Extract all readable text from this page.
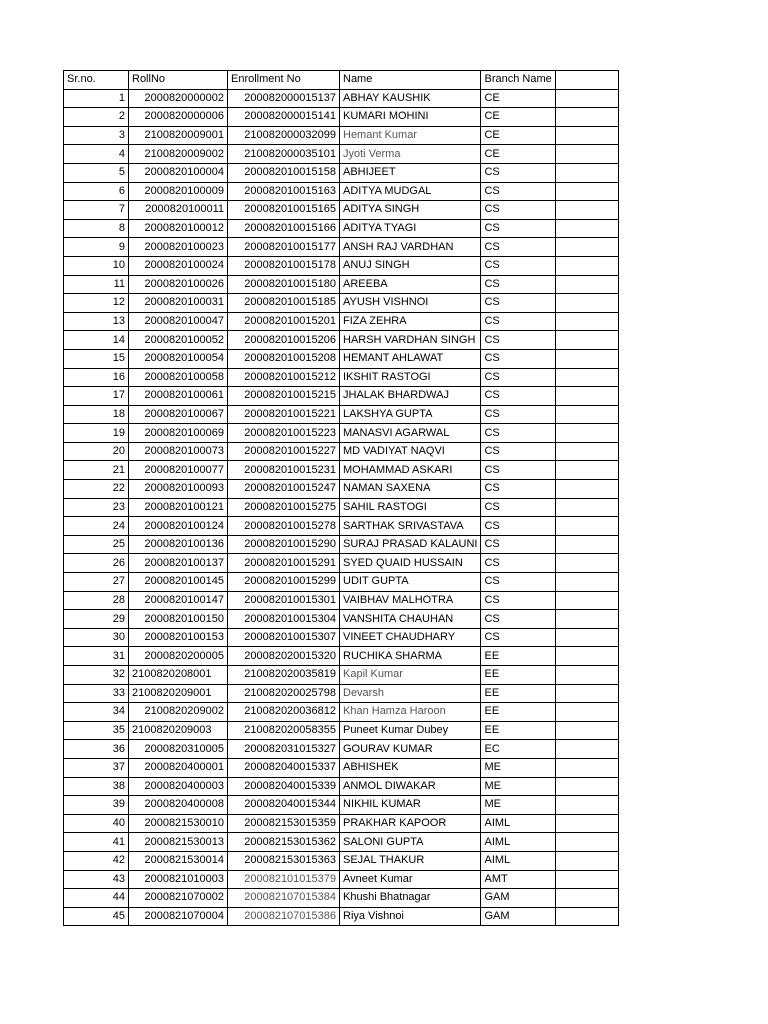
Sr.no.	RollNo	Enrollment No	Name	Branch Name	
1	2000820000002	200082000015137	ABHAY KAUSHIK	CE	
2	2000820000006	200082000015141	KUMARI MOHINI	CE	
3	2100820009001	210082000032099	Hemant Kumar	CE	
4	2100820009002	210082000035101	Jyoti Verma	CE	
5	2000820100004	200082010015158	ABHIJEET	CS	
6	2000820100009	200082010015163	ADITYA MUDGAL	CS	
7	2000820100011	200082010015165	ADITYA SINGH	CS	
8	2000820100012	200082010015166	ADITYA TYAGI	CS	
9	2000820100023	200082010015177	ANSH RAJ VARDHAN	CS	
10	2000820100024	200082010015178	ANUJ SINGH	CS	
11	2000820100026	200082010015180	AREEBA	CS	
12	2000820100031	200082010015185	AYUSH VISHNOI	CS	
13	2000820100047	200082010015201	FIZA ZEHRA	CS	
14	2000820100052	200082010015206	HARSH VARDHAN SINGH	CS	
15	2000820100054	200082010015208	HEMANT AHLAWAT	CS	
16	2000820100058	200082010015212	IKSHIT RASTOGI	CS	
17	2000820100061	200082010015215	JHALAK BHARDWAJ	CS	
18	2000820100067	200082010015221	LAKSHYA GUPTA	CS	
19	2000820100069	200082010015223	MANASVI AGARWAL	CS	
20	2000820100073	200082010015227	MD VADIYAT NAQVI	CS	
21	2000820100077	200082010015231	MOHAMMAD ASKARI	CS	
22	2000820100093	200082010015247	NAMAN SAXENA	CS	
23	2000820100121	200082010015275	SAHIL RASTOGI	CS	
24	2000820100124	200082010015278	SARTHAK SRIVASTAVA	CS	
25	2000820100136	200082010015290	SURAJ PRASAD KALAUNI	CS	
26	2000820100137	200082010015291	SYED QUAID HUSSAIN	CS	
27	2000820100145	200082010015299	UDIT GUPTA	CS	
28	2000820100147	200082010015301	VAIBHAV MALHOTRA	CS	
29	2000820100150	200082010015304	VANSHITA CHAUHAN	CS	
30	2000820100153	200082010015307	VINEET CHAUDHARY	CS	
31	2000820200005	200082020015320	RUCHIKA SHARMA	EE	
32	2100820208001	210082020035819	Kapil Kumar	EE	
33	2100820209001	210082020025798	Devarsh	EE	
34	2100820209002	210082020036812	Khan Hamza Haroon	EE	
35	2100820209003	210082020058355	Puneet Kumar Dubey	EE	
36	2000820310005	200082031015327	GOURAV KUMAR	EC	
37	2000820400001	200082040015337	ABHISHEK	ME	
38	2000820400003	200082040015339	ANMOL DIWAKAR	ME	
39	2000820400008	200082040015344	NIKHIL KUMAR	ME	
40	2000821530010	200082153015359	PRAKHAR KAPOOR	AIML	
41	2000821530013	200082153015362	SALONI GUPTA	AIML	
42	2000821530014	200082153015363	SEJAL THAKUR	AIML	
43	2000821010003	200082101015379	Avneet Kumar	AMT	
44	2000821070002	200082107015384	Khushi Bhatnagar	GAM	
45	2000821070004	200082107015386	Riya Vishnoi	GAM	
